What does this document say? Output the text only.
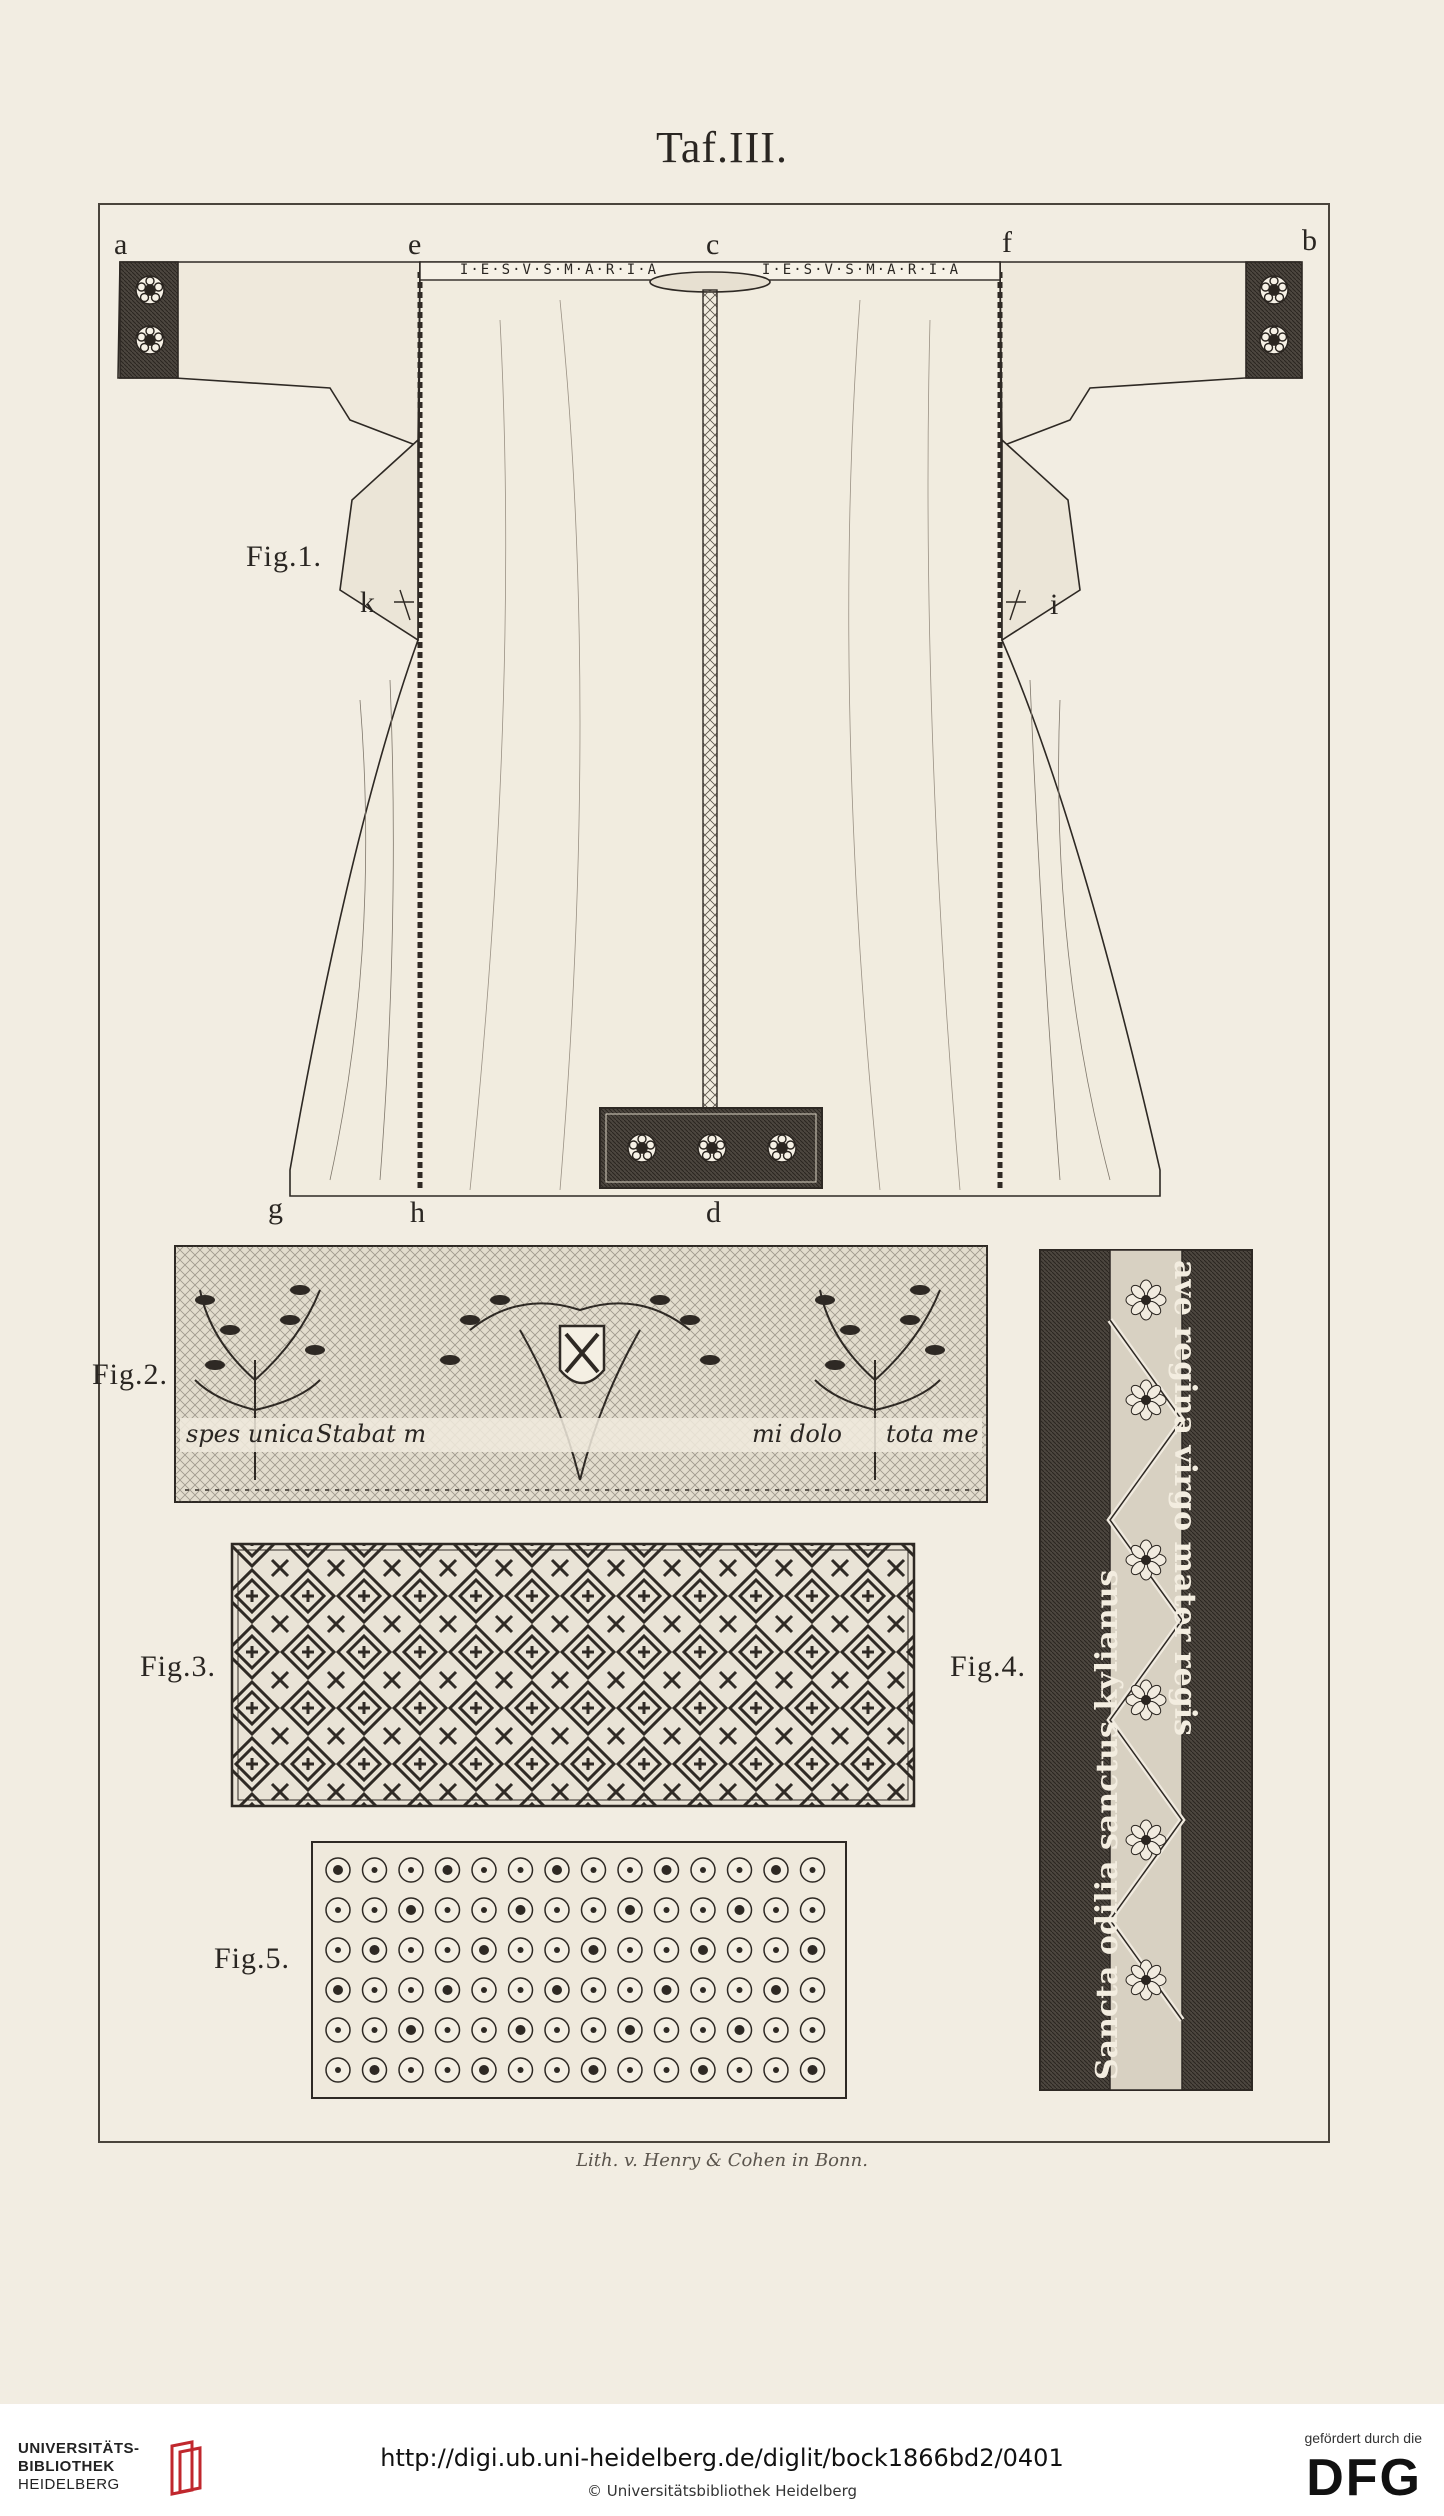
Taf.III.
a	b
c
d
e	f
g	h
i
k
I·E·S·V·S·M·A·R·I·A	I·E·S·V·S·M·A·R·I·A
Fig.1.
Fig.2.
Fig.3.	Fig.4.
Fig.5.
spes unica Stabat m	mi dolo tota me
Sancta odilia sanctus kylianus
ave regina virgo mater regis
Lith. v. Henry & Cohen in Bonn.
UNIVERSITÄTS-
BIBLIOTHEK
HEIDELBERG
http://digi.ub.uni-heidelberg.de/diglit/bock1866bd2/0401
© Universitätsbibliothek Heidelberg
gefördert durch die
DFG
